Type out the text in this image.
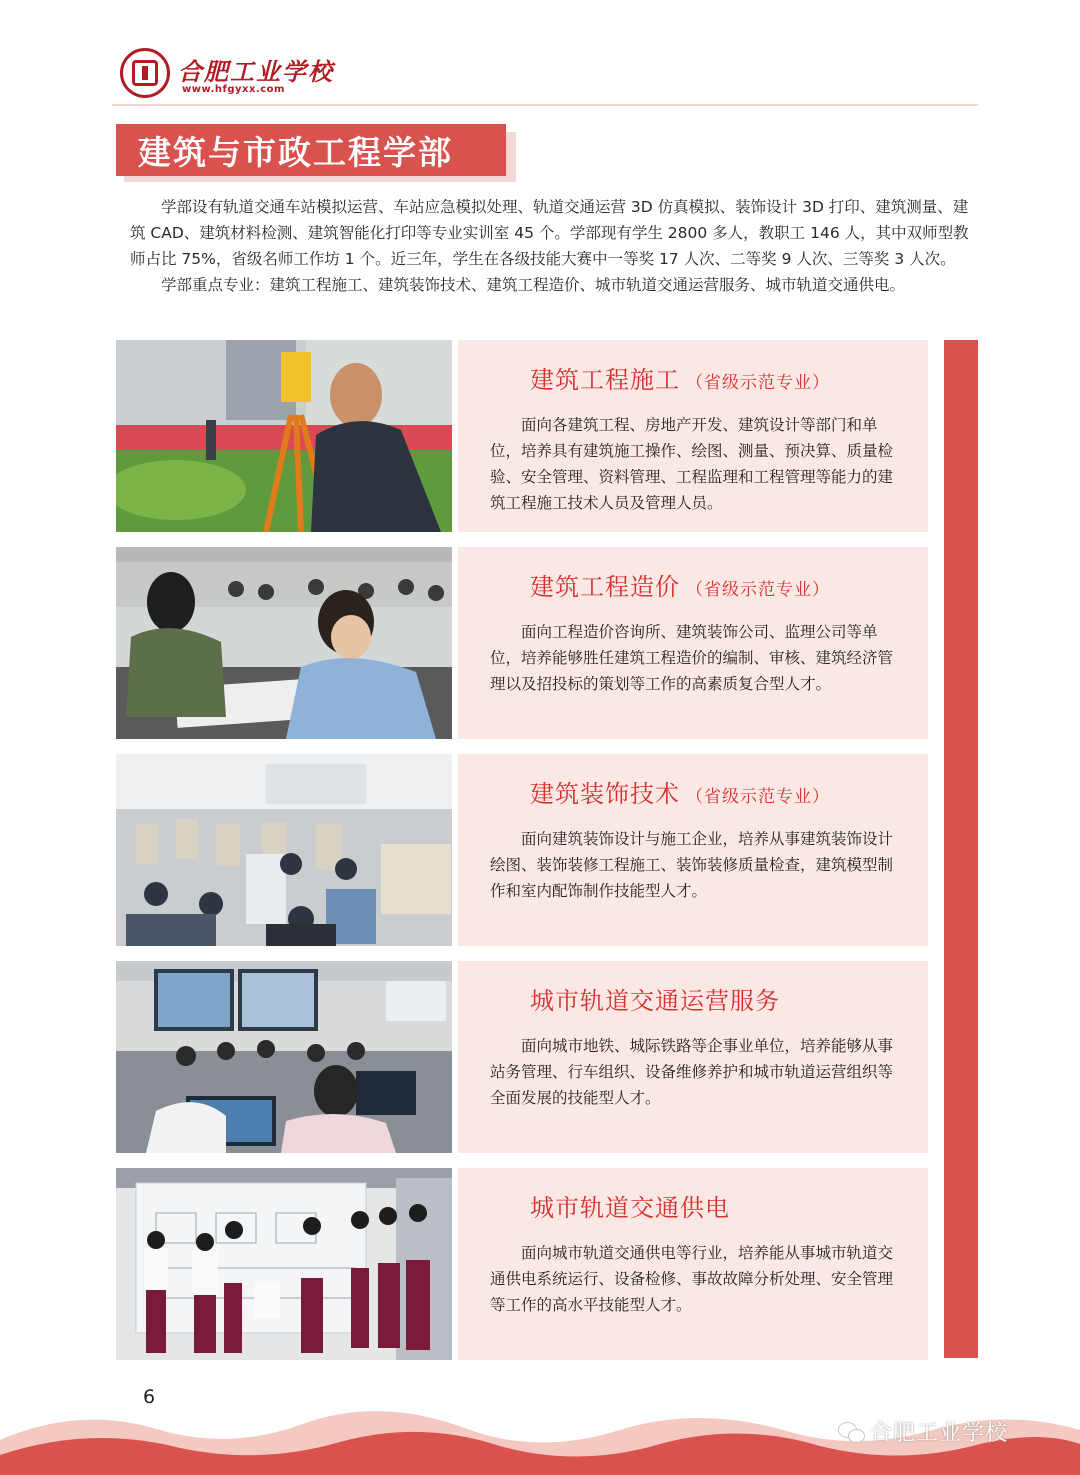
合肥工业学校
www.hfgyxx.com
建筑与市政工程学部

学部设有轨道交通车站模拟运营、车站应急模拟处理、轨道交通运营 3D 仿真模拟、装饰设计 3D 打印、建筑测量、建筑 CAD、建筑材料检测、建筑智能化打印等专业实训室 45 个。学部现有学生 2800 多人，教职工 146 人，其中双师型教师占比 75%，省级名师工作坊 1 个。近三年，学生在各级技能大赛中一等奖 17 人次、二等奖 9 人次、三等奖 3 人次。

学部重点专业：建筑工程施工、建筑装饰技术、建筑工程造价、城市轨道交通运营服务、城市轨道交通供电。

建筑工程施工 （省级示范专业）

面向各建筑工程、房地产开发、建筑设计等部门和单位，培养具有建筑施工操作、绘图、测量、预决算、质量检验、安全管理、资料管理、工程监理和工程管理等能力的建筑工程施工技术人员及管理人员。

建筑工程造价 （省级示范专业）

面向工程造价咨询所、建筑装饰公司、监理公司等单位，培养能够胜任建筑工程造价的编制、审核、建筑经济管理以及招投标的策划等工作的高素质复合型人才。

建筑装饰技术 （省级示范专业）

面向建筑装饰设计与施工企业，培养从事建筑装饰设计绘图、装饰装修工程施工、装饰装修质量检查，建筑模型制作和室内配饰制作技能型人才。

城市轨道交通运营服务

面向城市地铁、城际铁路等企事业单位，培养能够从事站务管理、行车组织、设备维修养护和城市轨道运营组织等全面发展的技能型人才。

城市轨道交通供电

面向城市轨道交通供电等行业，培养能从事城市轨道交通供电系统运行、设备检修、事故故障分析处理、安全管理等工作的高水平技能型人才。

6
合肥工业学校
